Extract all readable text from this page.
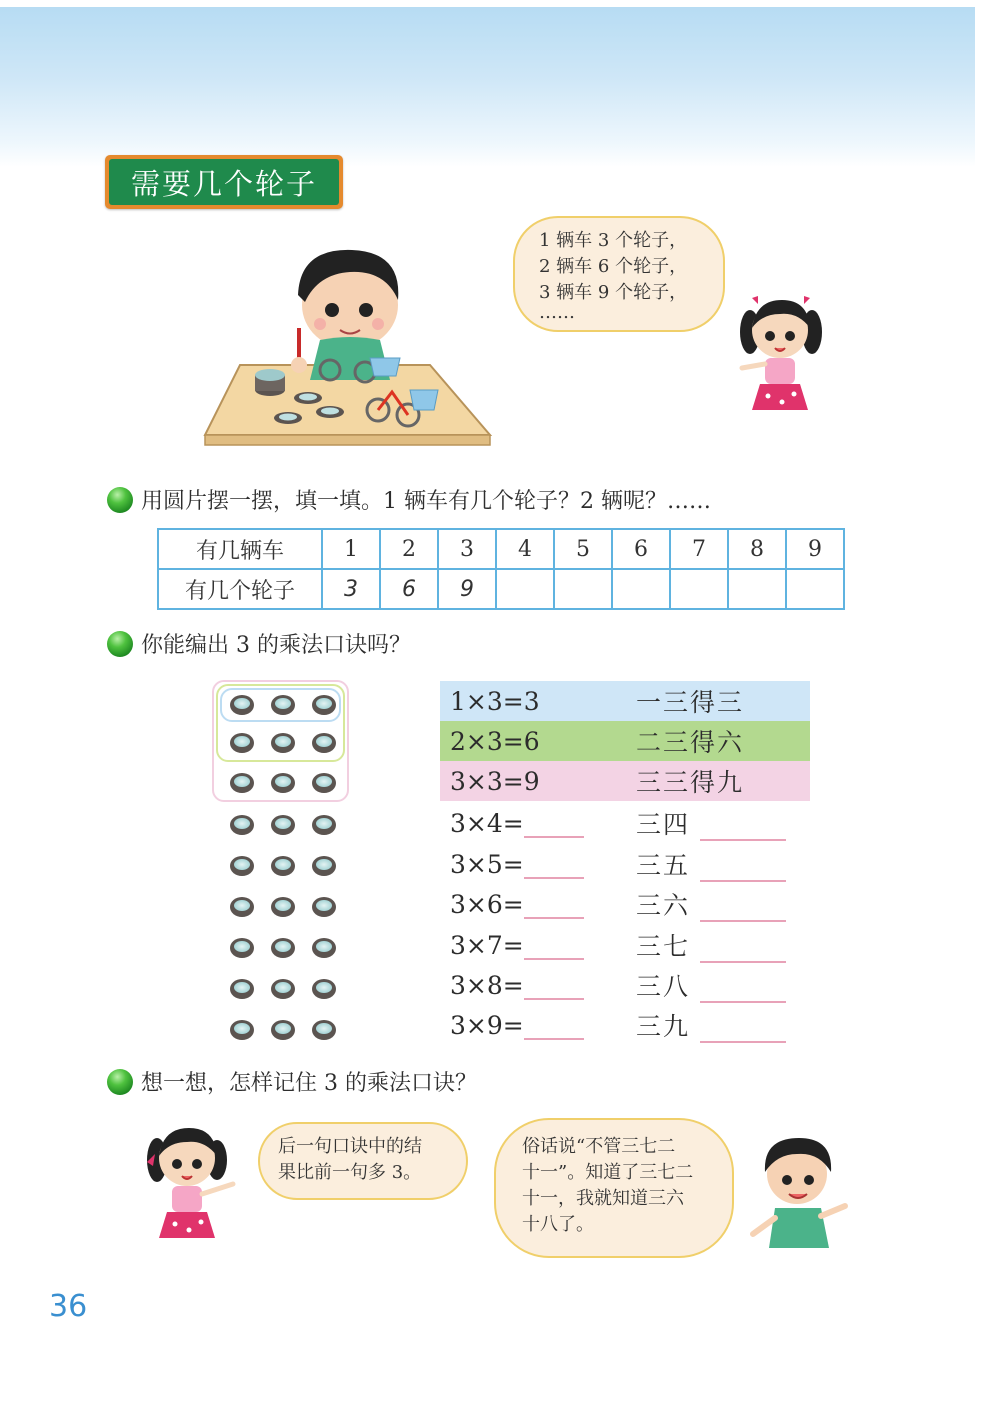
需要几个轮子
1 辆车 3 个轮子，
2 辆车 6 个轮子，
3 辆车 9 个轮子，
……
用圆片摆一摆，填一填。1 辆车有几个轮子？2 辆呢？……
有几辆车	1	2	3	4	5	6	7	8	9
有几个轮子	3	6	9						
你能编出 3 的乘法口诀吗？
1×3=3	一三得三
2×3=6	二三得六
3×3=9	三三得九
3×4=	三四
3×5=	三五
3×6=	三六
3×7=	三七
3×8=	三八
3×9=	三九
想一想，怎样记住 3 的乘法口诀？
后一句口诀中的结
果比前一句多 3。
俗话说“不管三七二
十一”。知道了三七二
十一，我就知道三六
十八了。
36
